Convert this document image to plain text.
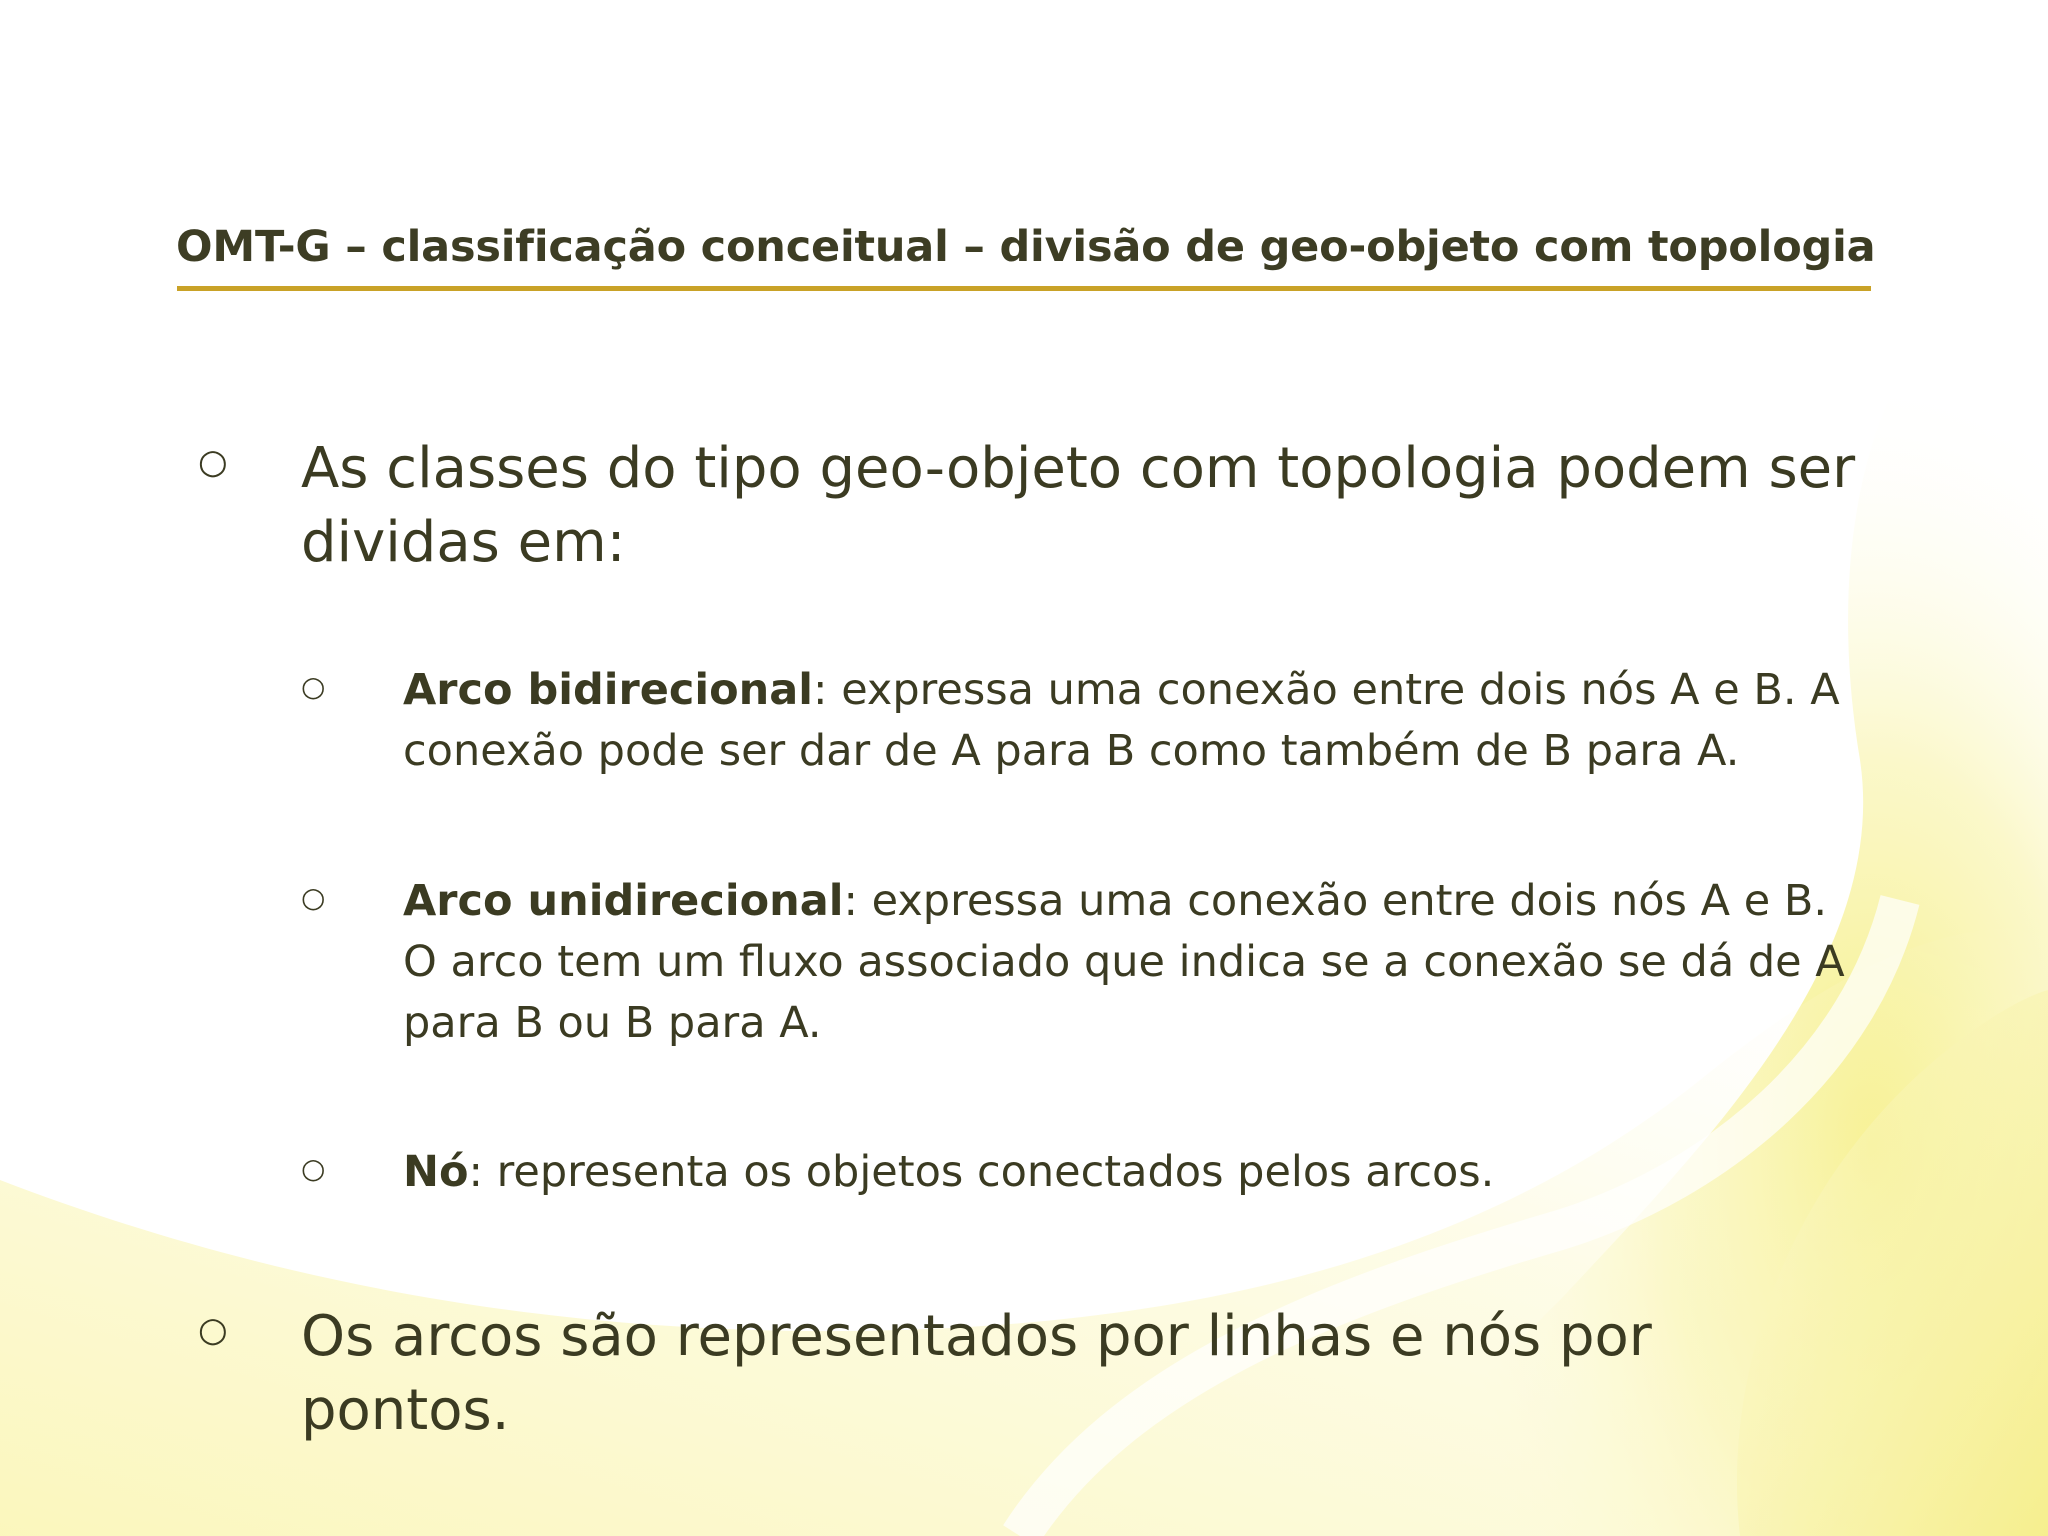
OMT-G – classificação conceitual – divisão de geo-objeto com topologia
○ As classes do tipo geo-objeto com topologia podem ser dividas em:
○ Arco bidirecional: expressa uma conexão entre dois nós A e B. A conexão pode ser dar de A para B como também de B para A.
○ Arco unidirecional: expressa uma conexão entre dois nós A e B. O arco tem um fluxo associado que indica se a conexão se dá de A para B ou B para A.
○ Nó: representa os objetos conectados pelos arcos.
○ Os arcos são representados por linhas e nós por pontos.
